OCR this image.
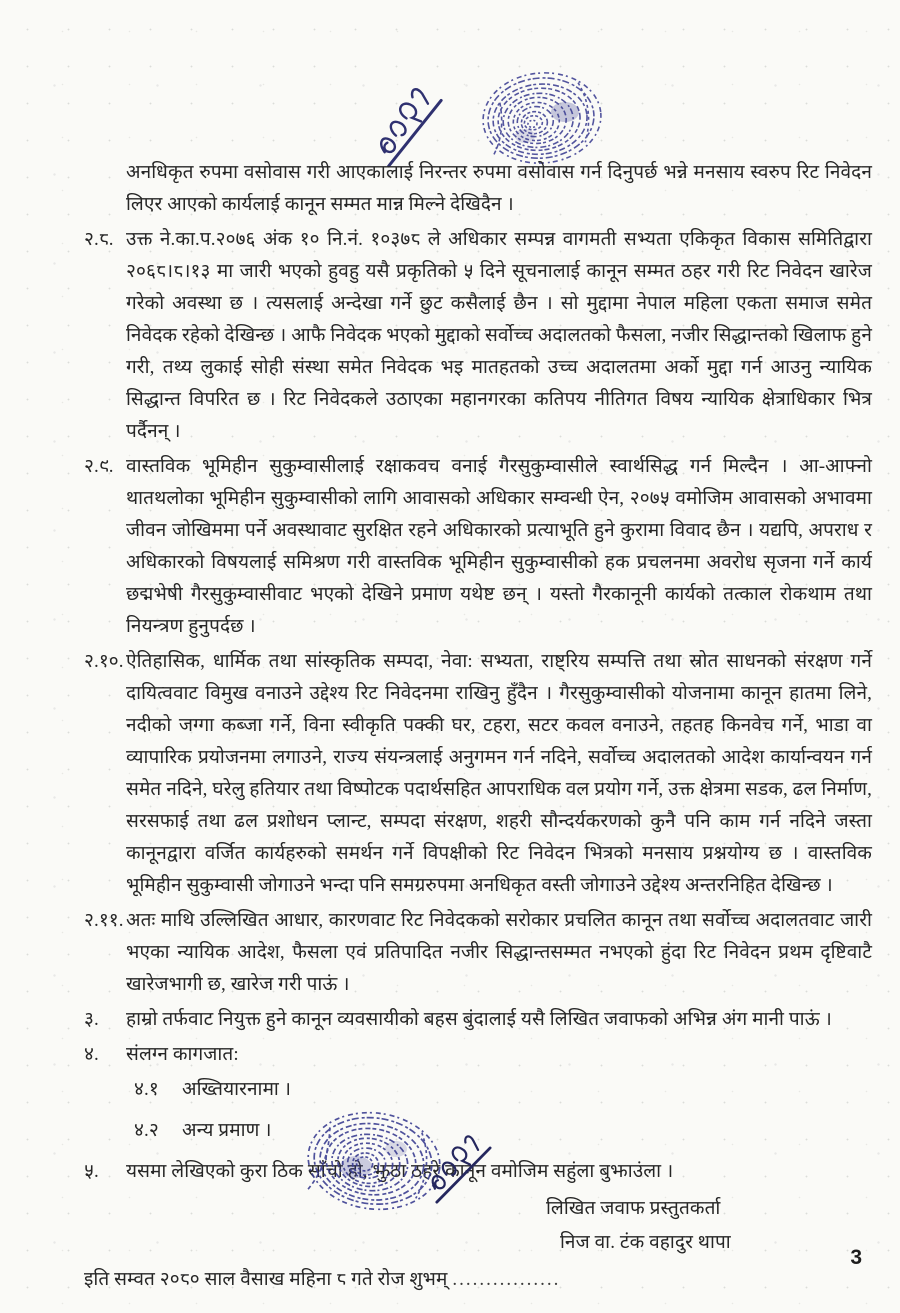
अनधिकृत रुपमा वसोवास गरी आएकालाई निरन्तर रुपमा वसोवास गर्न दिनुपर्छ भन्ने मनसाय स्वरुप रिट निवेदन लिएर आएको कार्यलाई कानून सम्मत मान्न मिल्ने देखिदैन ।
२.८. उक्त ने.का.प.२०७६ अंक १० नि.नं. १०३७८ ले अधिकार सम्पन्न वागमती सभ्यता एकिकृत विकास समितिद्वारा २०६८।८।१३ मा जारी भएको हुवहु यसै प्रकृतिको ५ दिने सूचनालाई कानून सम्मत ठहर गरी रिट निवेदन खारेज गरेको अवस्था छ । त्यसलाई अन्देखा गर्ने छुट कसैलाई छैन । सो मुद्दामा नेपाल महिला एकता समाज समेत निवेदक रहेको देखिन्छ । आफै निवेदक भएको मुद्दाको सर्वोच्च अदालतको फैसला, नजीर सिद्धान्तको खिलाफ हुने गरी, तथ्य लुकाई सोही संस्था समेत निवेदक भइ मातहतको उच्च अदालतमा अर्को मुद्दा गर्न आउनु न्यायिक सिद्धान्त विपरित छ । रिट निवेदकले उठाएका महानगरका कतिपय नीतिगत विषय न्यायिक क्षेत्राधिकार भित्र पर्दैनन् ।
२.९. वास्तविक भूमिहीन सुकुम्वासीलाई रक्षाकवच वनाई गैरसुकुम्वासीले स्वार्थसिद्ध गर्न मिल्दैन । आ-आफ्नो थातथलोका भूमिहीन सुकुम्वासीको लागि आवासको अधिकार सम्वन्धी ऐन, २०७५ वमोजिम आवासको अभावमा जीवन जोखिममा पर्ने अवस्थावाट सुरक्षित रहने अधिकारको प्रत्याभूति हुने कुरामा विवाद छैन । यद्यपि, अपराध र अधिकारको विषयलाई समिश्रण गरी वास्तविक भूमिहीन सुकुम्वासीको हक प्रचलनमा अवरोध सृजना गर्ने कार्य छद्मभेषी गैरसुकुम्वासीवाट भएको देखिने प्रमाण यथेष्ट छन् । यस्तो गैरकानूनी कार्यको तत्काल रोकथाम तथा नियन्त्रण हुनुपर्दछ ।
२.१०. ऐतिहासिक, धार्मिक तथा सांस्कृतिक सम्पदा, नेवा: सभ्यता, राष्ट्रिय सम्पत्ति तथा स्रोत साधनको संरक्षण गर्ने दायित्ववाट विमुख वनाउने उद्देश्य रिट निवेदनमा राखिनु हुँदैन । गैरसुकुम्वासीको योजनामा कानून हातमा लिने, नदीको जग्गा कब्जा गर्ने, विना स्वीकृति पक्की घर, टहरा, सटर कवल वनाउने, तहतह किनवेच गर्ने, भाडा वा व्यापारिक प्रयोजनमा लगाउने, राज्य संयन्त्रलाई अनुगमन गर्न नदिने, सर्वोच्च अदालतको आदेश कार्यान्वयन गर्न समेत नदिने, घरेलु हतियार तथा विष्पोटक पदार्थसहित आपराधिक वल प्रयोग गर्ने, उक्त क्षेत्रमा सडक, ढल निर्माण, सरसफाई तथा ढल प्रशोधन प्लान्ट, सम्पदा संरक्षण, शहरी सौन्दर्यकरणको कुनै पनि काम गर्न नदिने जस्ता कानूनद्वारा वर्जित कार्यहरुको समर्थन गर्ने विपक्षीको रिट निवेदन भित्रको मनसाय प्रश्नयोग्य छ । वास्तविक भूमिहीन सुकुम्वासी जोगाउने भन्दा पनि समग्ररुपमा अनधिकृत वस्ती जोगाउने उद्देश्य अन्तरनिहित देखिन्छ ।
२.११. अतः माथि उल्लिखित आधार, कारणवाट रिट निवेदकको सरोकार प्रचलित कानून तथा सर्वोच्च अदालतवाट जारी भएका न्यायिक आदेश, फैसला एवं प्रतिपादित नजीर सिद्धान्तसम्मत नभएको हुंदा रिट निवेदन प्रथम दृष्टिवाटै खारेजभागी छ, खारेज गरी पाऊं ।
३.	हाम्रो तर्फवाट नियुक्त हुने कानून व्यवसायीको बहस बुंदालाई यसै लिखित जवाफको अभिन्न अंग मानी पाऊं ।
४.	संलग्न कागजात:
४.१	अख्तियारनामा ।
४.२	अन्य प्रमाण ।
५.	यसमा लेखिएको कुरा ठिक साँचो हो, झुठा ठहरे कानून वमोजिम सहुंला बुझाउंला ।
लिखित जवाफ प्रस्तुतकर्ता
निज वा. टंक वहादुर थापा
इति सम्वत २०८० साल वैसाख महिना ८ गते रोज शुभम् ................
3
